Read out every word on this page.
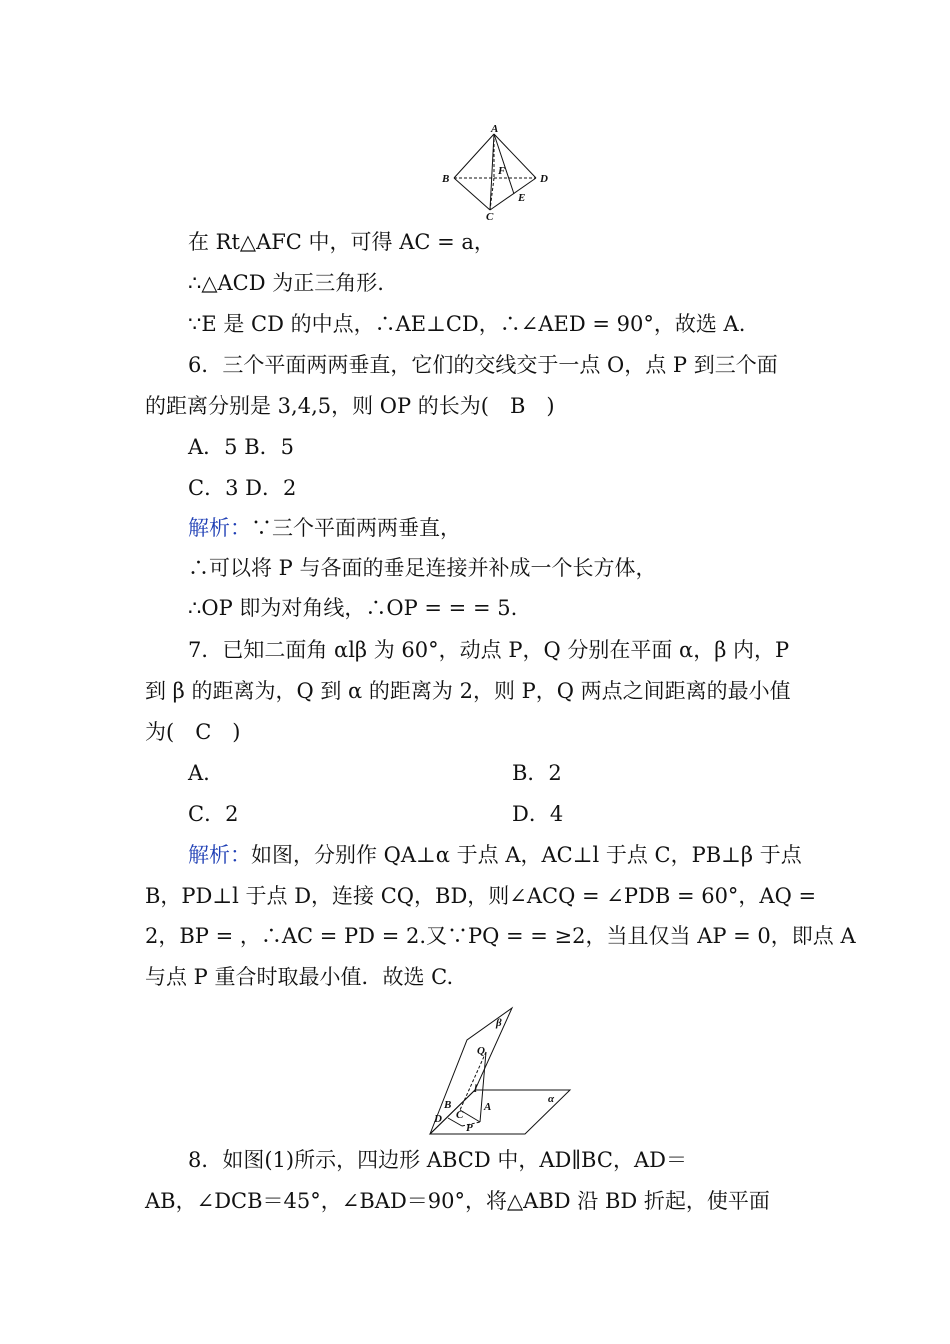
A
B
C
D
E
F
在 Rt△AFC 中，可得 AC = a，
∴△ACD 为正三角形.
∵E 是 CD 的中点，∴AE⊥CD，∴∠AED = 90°，故选 A.
6．三个平面两两垂直，它们的交线交于一点 O，点 P 到三个面
的距离分别是 3,4,5，则 OP 的长为(　B　)
A．5 B．5
C．3 D．2
解析：∵三个平面两两垂直，
∴可以将 P 与各面的垂足连接并补成一个长方体，
∴OP 即为对角线，∴OP = = = 5.
7．已知二面角 αlβ 为 60°，动点 P，Q 分别在平面 α，β 内，P
到 β 的距离为，Q 到 α 的距离为 2，则 P，Q 两点之间距离的最小值
为(　C　)
A.	B．2
C．2	D．4
解析：如图，分别作 QA⊥α 于点 A，AC⊥l 于点 C，PB⊥β 于点
B，PD⊥l 于点 D，连接 CQ，BD，则∠ACQ = ∠PDB = 60°，AQ =
2，BP = ，∴AC = PD = 2.又∵PQ = = ≥2，当且仅当 AP = 0，即点 A
与点 P 重合时取最小值．故选 C.
β
Q
l
B
C
D
A
P
α
8．如图(1)所示，四边形 ABCD 中，AD∥BC，AD＝
AB，∠DCB＝45°，∠BAD＝90°，将△ABD 沿 BD 折起，使平面
